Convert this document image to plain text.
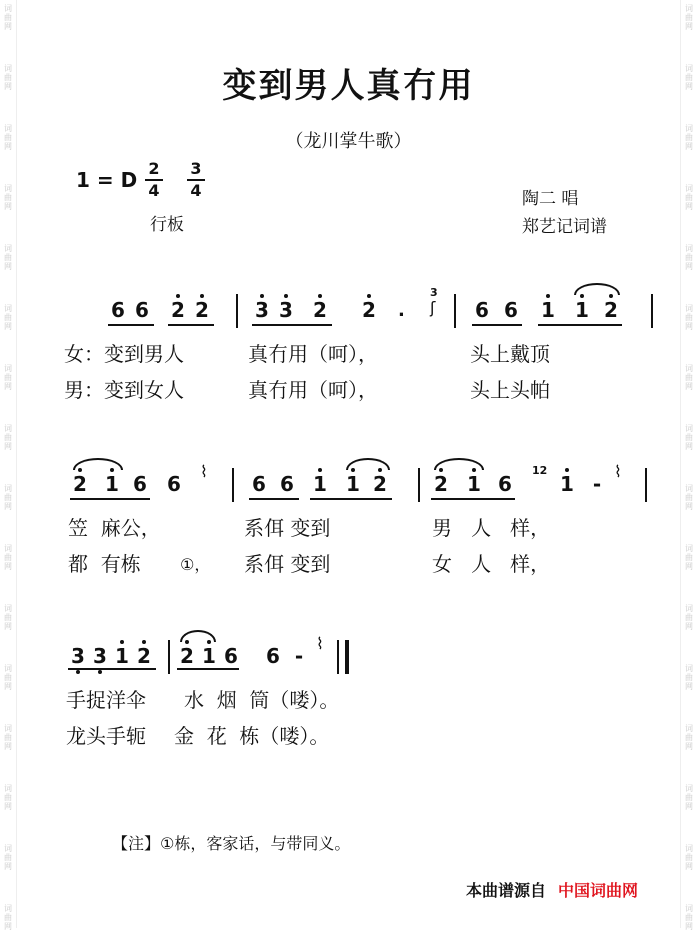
词
曲
网
词
曲
网
词
曲
网
词
曲
网
词
曲
网
词
曲
网
词
曲
网
词
曲
网
词
曲
网
词
曲
网
词
曲
网
词
曲
网
词
曲
网
词
曲
网
词
曲
网
词
曲
网
词
曲
网
词
曲
网
词
曲
网
词
曲
网
词
曲
网
词
曲
网
词
曲
网
词
曲
网
词
曲
网
词
曲
网
词
曲
网
词
曲
网
词
曲
网
词
曲
网
词
曲
网
词
曲
网
变到男人真冇用
（龙川掌牛歌）
1 = D 2
4
3
4
行板
陶二 唱
郑艺记词谱
6 6 2 2 3 3 2 2 .
3
ʃ 6 6 1 1 2
女：变到男人	真冇用（呵），	头上戴顶
男：变到女人	真冇用（呵），	头上头帕
2 1 6 6
⌇
6 6 1 1 2 2 1 6
12
1 -
⌇
笠  麻公，	系佴 变到	男   人   样，
都  有栋 ①， 系佴 变到	女   人   样，
3 3 1 2 2 1 6 6 -
⌇
手捉洋伞 水  烟  筒（喽）。
龙头手轭 金  花  栋（喽）。
【注】①栋，客家话，与带同义。
本曲谱源自 中国词曲网
